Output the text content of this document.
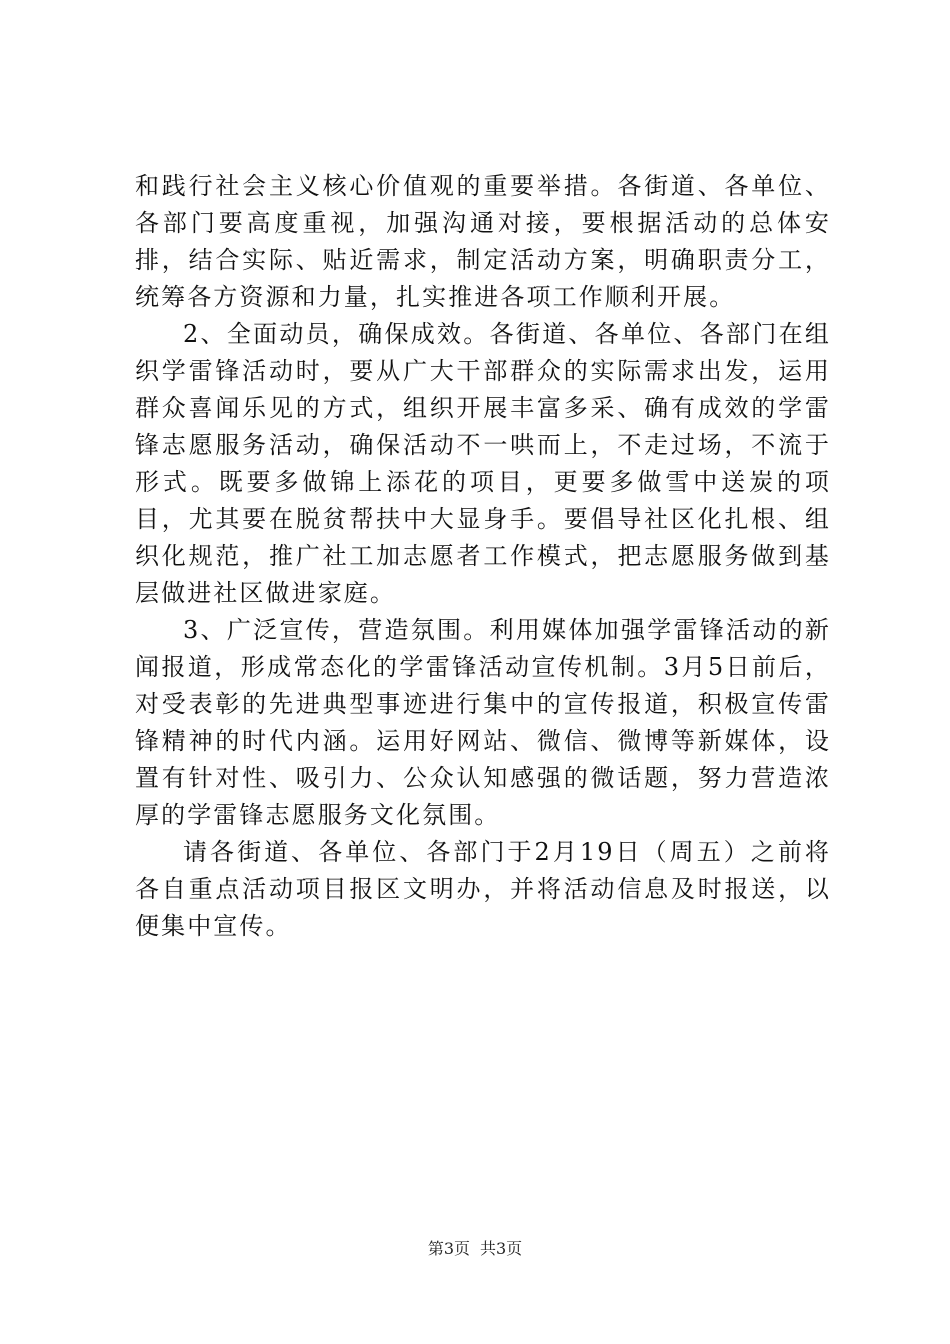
和践行社会主义核心价值观的重要举措。各街道、各单位、各部门要高度重视，加强沟通对接，要根据活动的总体安排，结合实际、贴近需求，制定活动方案，明确职责分工，统筹各方资源和力量，扎实推进各项工作顺利开展。

2、全面动员，确保成效。各街道、各单位、各部门在组织学雷锋活动时，要从广大干部群众的实际需求出发，运用群众喜闻乐见的方式，组织开展丰富多采、确有成效的学雷锋志愿服务活动，确保活动不一哄而上，不走过场，不流于形式。既要多做锦上添花的项目，更要多做雪中送炭的项目，尤其要在脱贫帮扶中大显身手。要倡导社区化扎根、组织化规范，推广社工加志愿者工作模式，把志愿服务做到基层做进社区做进家庭。

3、广泛宣传，营造氛围。利用媒体加强学雷锋活动的新闻报道，形成常态化的学雷锋活动宣传机制。3月5日前后，对受表彰的先进典型事迹进行集中的宣传报道，积极宣传雷锋精神的时代内涵。运用好网站、微信、微博等新媒体，设置有针对性、吸引力、公众认知感强的微话题，努力营造浓厚的学雷锋志愿服务文化氛围。

请各街道、各单位、各部门于2月19日（周五）之前将各自重点活动项目报区文明办，并将活动信息及时报送，以便集中宣传。

第3页 共3页
